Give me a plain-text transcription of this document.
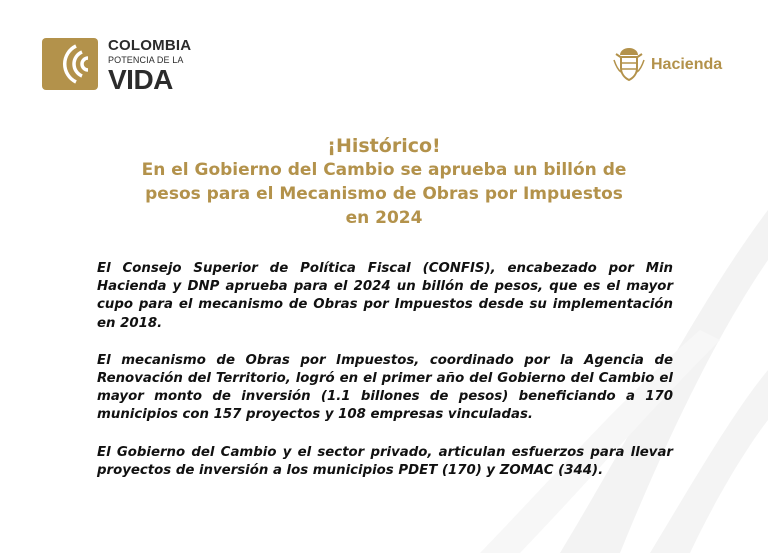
COLOMBIA
POTENCIA DE LA
VIDA	Hacienda
¡Histórico!
En el Gobierno del Cambio se aprueba un billón de
pesos para el Mecanismo de Obras por Impuestos
en 2024

El Consejo Superior de Política Fiscal (CONFIS), encabezado por Min Hacienda y DNP aprueba para el 2024 un billón de pesos, que es el mayor cupo para el mecanismo de Obras por Impuestos desde su implementación en 2018.

El mecanismo de Obras por Impuestos, coordinado por la Agencia de Renovación del Territorio, logró en el primer año del Gobierno del Cambio el mayor monto de inversión (1.1 billones de pesos) beneficiando a 170 municipios con 157 proyectos y 108 empresas vinculadas.

El Gobierno del Cambio y el sector privado, articulan esfuerzos para llevar proyectos de inversión a los municipios PDET (170) y ZOMAC (344).
